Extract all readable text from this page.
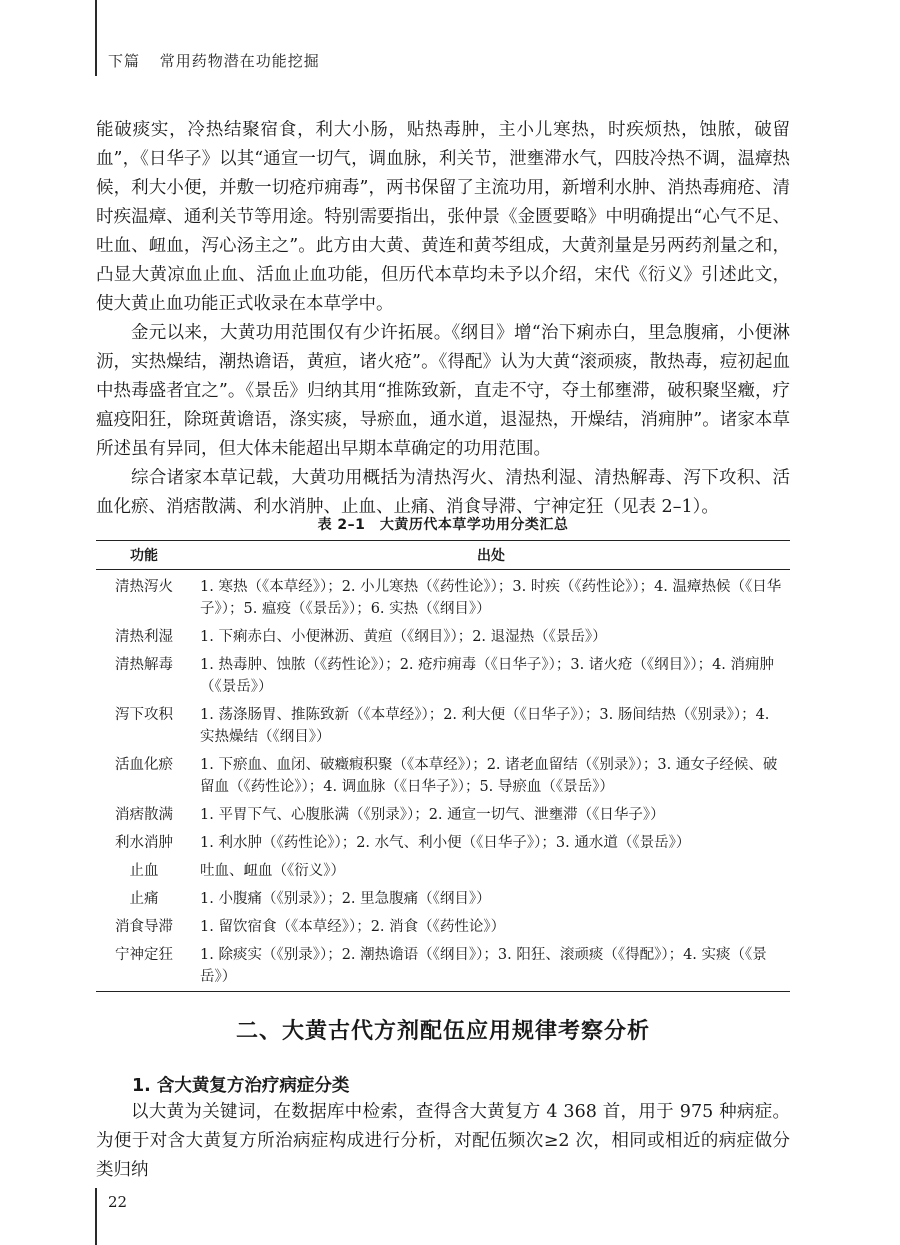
下篇 常用药物潜在功能挖掘

能破痰实，冷热结聚宿食，利大小肠，贴热毒肿，主小儿寒热，时疾烦热，蚀脓，破留血”，《日华子》以其“通宣一切气，调血脉，利关节，泄壅滞水气，四肢冷热不调，温瘴热候，利大小便，并敷一切疮疖痈毒”，两书保留了主流功用，新增利水肿、消热毒痈疮、清时疾温瘴、通利关节等用途。特别需要指出，张仲景《金匮要略》中明确提出“心气不足、吐血、衄血，泻心汤主之”。此方由大黄、黄连和黄芩组成，大黄剂量是另两药剂量之和，凸显大黄凉血止血、活血止血功能，但历代本草均未予以介绍，宋代《衍义》引述此文，使大黄止血功能正式收录在本草学中。

金元以来，大黄功用范围仅有少许拓展。《纲目》增“治下痢赤白，里急腹痛，小便淋沥，实热燥结，潮热谵语，黄疸，诸火疮”。《得配》认为大黄“滚顽痰，散热毒，痘初起血中热毒盛者宜之”。《景岳》归纳其用“推陈致新，直走不守，夺土郁壅滞，破积聚坚癥，疗瘟疫阳狂，除斑黄谵语，涤实痰，导瘀血，通水道，退湿热，开燥结，消痈肿”。诸家本草所述虽有异同，但大体未能超出早期本草确定的功用范围。

综合诸家本草记载，大黄功用概括为清热泻火、清热利湿、清热解毒、泻下攻积、活血化瘀、消痞散满、利水消肿、止血、止痛、消食导滞、宁神定狂（见表 2–1）。

表 2–1　大黄历代本草学功用分类汇总
功能	出处
清热泻火	1. 寒热（《本草经》）；2. 小儿寒热（《药性论》）；3. 时疾（《药性论》）；4. 温瘴热候（《日华子》）；5. 瘟疫（《景岳》）；6. 实热（《纲目》）
清热利湿	1. 下痢赤白、小便淋沥、黄疸（《纲目》）；2. 退湿热（《景岳》）
清热解毒	1. 热毒肿、蚀脓（《药性论》）；2. 疮疖痈毒（《日华子》）；3. 诸火疮（《纲目》）；4. 消痈肿（《景岳》）
泻下攻积	1. 荡涤肠胃、推陈致新（《本草经》）；2. 利大便（《日华子》）；3. 肠间结热（《别录》）；4. 实热燥结（《纲目》）
活血化瘀	1. 下瘀血、血闭、破癥瘕积聚（《本草经》）；2. 诸老血留结（《别录》）；3. 通女子经候、破留血（《药性论》）；4. 调血脉（《日华子》）；5. 导瘀血（《景岳》）
消痞散满	1. 平胃下气、心腹胀满（《别录》）；2. 通宣一切气、泄壅滞（《日华子》）
利水消肿	1. 利水肿（《药性论》）；2. 水气、利小便（《日华子》）；3. 通水道（《景岳》）
止血	吐血、衄血（《衍义》）
止痛	1. 小腹痛（《别录》）；2. 里急腹痛（《纲目》）
消食导滞	1. 留饮宿食（《本草经》）；2. 消食（《药性论》）
宁神定狂	1. 除痰实（《别录》）；2. 潮热谵语（《纲目》）；3. 阳狂、滚顽痰（《得配》）；4. 实痰（《景岳》）
二、大黄古代方剂配伍应用规律考察分析
1. 含大黄复方治疗病症分类

以大黄为关键词，在数据库中检索，查得含大黄复方 4 368 首，用于 975 种病症。为便于对含大黄复方所治病症构成进行分析，对配伍频次≥2 次，相同或相近的病症做分类归纳

22
